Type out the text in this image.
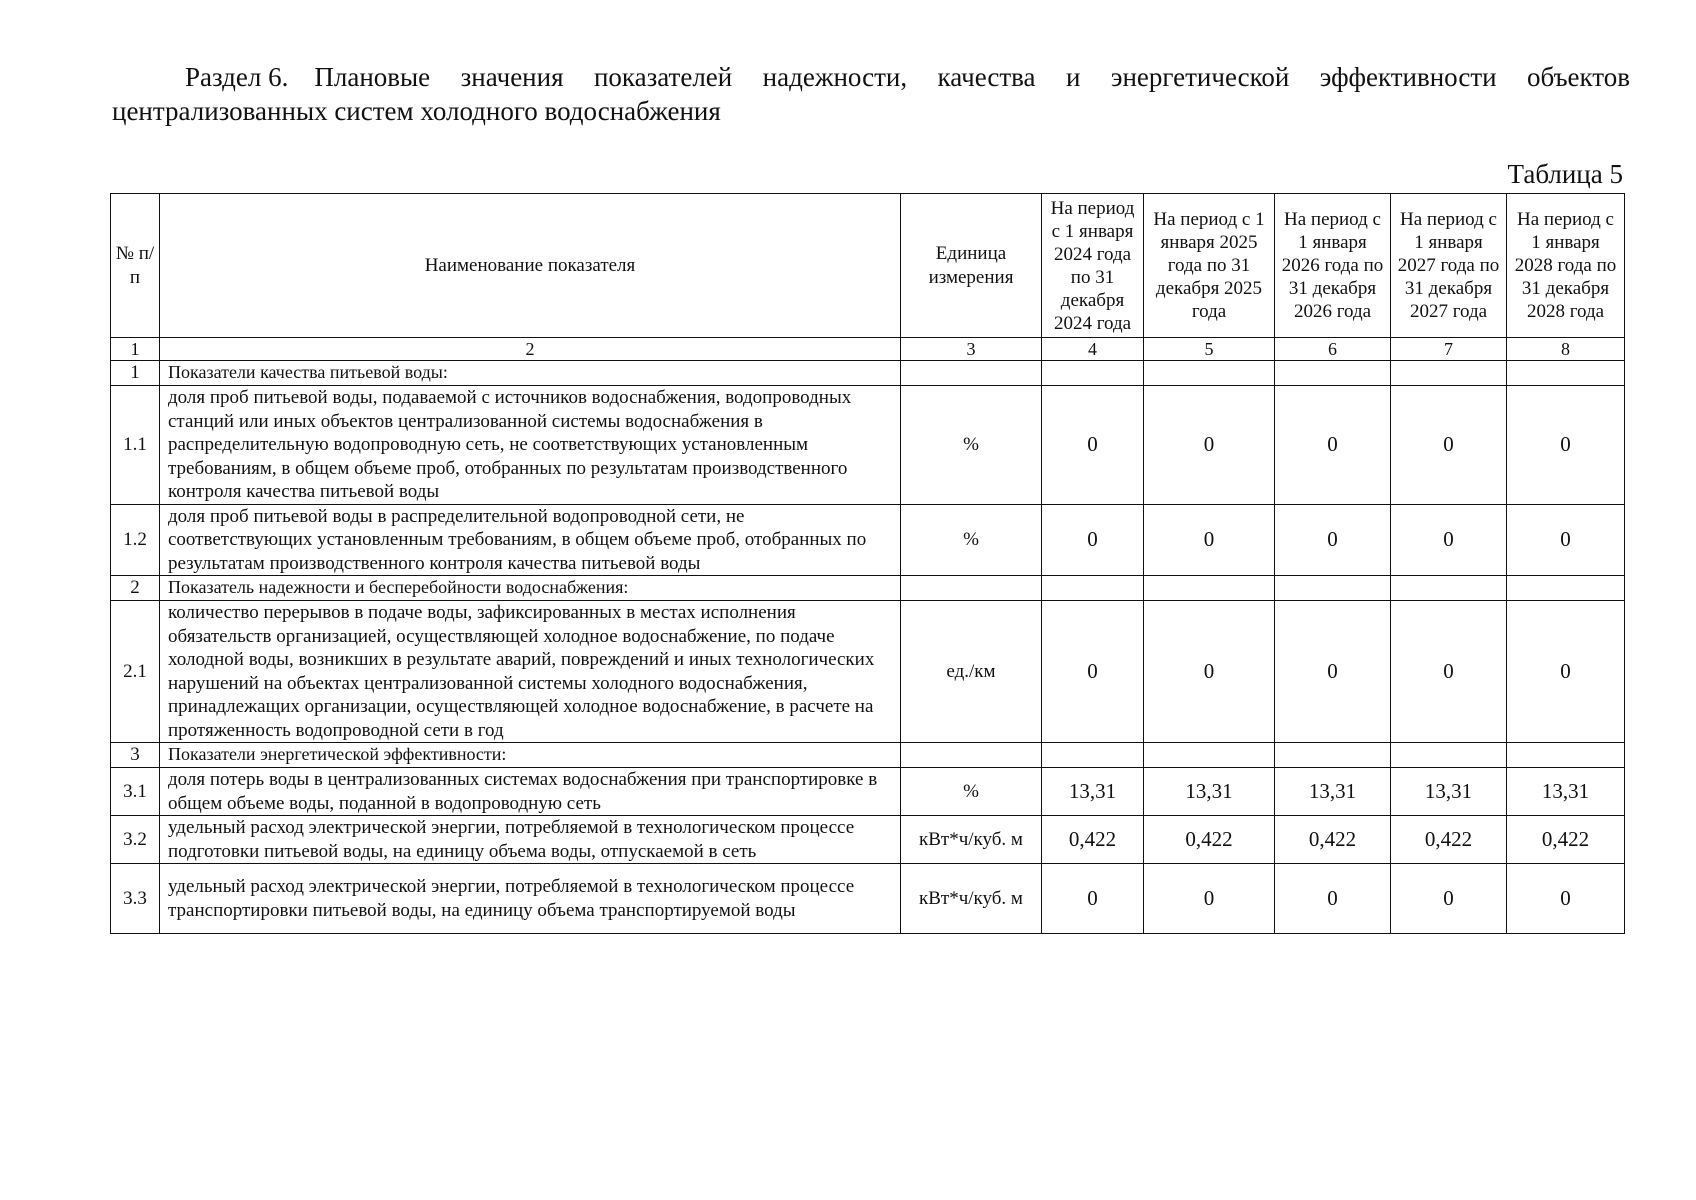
Раздел 6. Плановые значения показателей надежности, качества и энергетической эффективности объектов централизованных систем холодного водоснабжения
Таблица 5
№ п/ п	Наименование показателя	Единица измерения	На период с 1 января 2024 года по 31 декабря 2024 года	На период с 1 января 2025 года по 31 декабря 2025 года	На период с 1 января 2026 года по 31 декабря 2026 года	На период с 1 января 2027 года по 31 декабря 2027 года	На период с 1 января 2028 года по 31 декабря 2028 года
1	2	3	4	5	6	7	8
1	Показатели качества питьевой воды:						
1.1	доля проб питьевой воды, подаваемой с источников водоснабжения, водопроводных станций или иных объектов централизованной системы водоснабжения в распределительную водопроводную сеть, не соответствующих установленным требованиям, в общем объеме проб, отобранных по результатам производственного контроля качества питьевой воды	%	0	0	0	0	0
1.2	доля проб питьевой воды в распределительной водопроводной сети, не соответствующих установленным требованиям, в общем объеме проб, отобранных по результатам производственного контроля качества питьевой воды	%	0	0	0	0	0
2	Показатель надежности и бесперебойности водоснабжения:						
2.1	количество перерывов в подаче воды, зафиксированных в местах исполнения обязательств организацией, осуществляющей холодное водоснабжение, по подаче холодной воды, возникших в результате аварий, повреждений и иных технологических нарушений на объектах централизованной системы холодного водоснабжения, принадлежащих организации, осуществляющей холодное водоснабжение, в расчете на протяженность водопроводной сети в год	ед./км	0	0	0	0	0
3	Показатели энергетической эффективности:						
3.1	доля потерь воды в централизованных системах водоснабжения при транспортировке в общем объеме воды, поданной в водопроводную сеть	%	13,31	13,31	13,31	13,31	13,31
3.2	удельный расход электрической энергии, потребляемой в технологическом процессе подготовки питьевой воды, на единицу объема воды, отпускаемой в сеть	кВт*ч/куб. м	0,422	0,422	0,422	0,422	0,422
3.3	удельный расход электрической энергии, потребляемой в технологическом процессе транспортировки питьевой воды, на единицу объема транспортируемой воды	кВт*ч/куб. м	0	0	0	0	0
